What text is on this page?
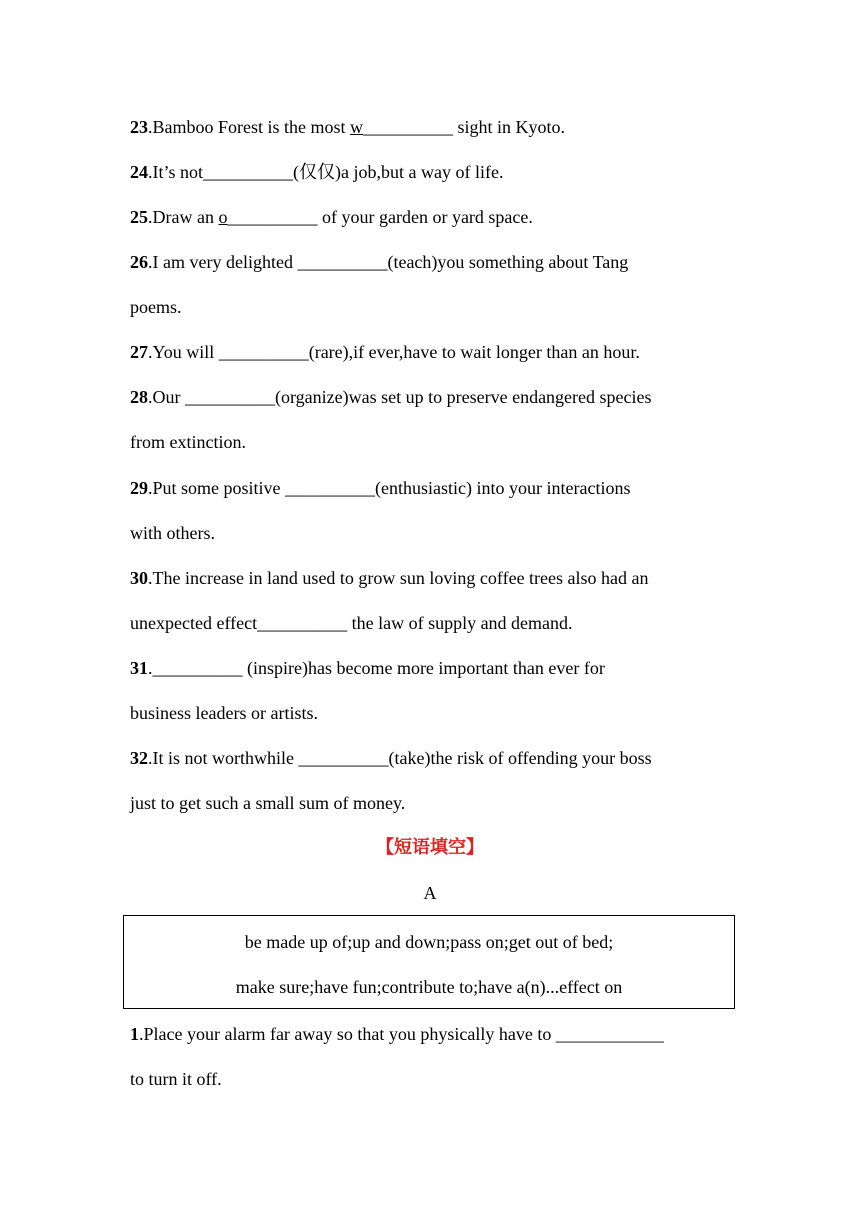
23.Bamboo Forest is the most w__________ sight in Kyoto.
24.It’s not__________(仅仅)a job,but a way of life.
25.Draw an o__________ of your garden or yard space.
26.I am very delighted __________(teach)you something about Tang
poems.
27.You will __________(rare),if ever,have to wait longer than an hour.
28.Our __________(organize)was set up to preserve endangered species
from extinction.
29.Put some positive __________(enthusiastic) into your interactions
with others.
30.The increase in land used to grow sun loving coffee trees also had an
unexpected effect__________ the law of supply and demand.
31.__________ (inspire)has become more important than ever for
business leaders or artists.
32.It is not worthwhile __________(take)the risk of offending your boss
just to get such a small sum of money.
【短语填空】
A
be made up of;up and down;pass on;get out of bed;
make sure;have fun;contribute to;have a(n)...effect on
1.Place your alarm far away so that you physically have to ____________
to turn it off.
